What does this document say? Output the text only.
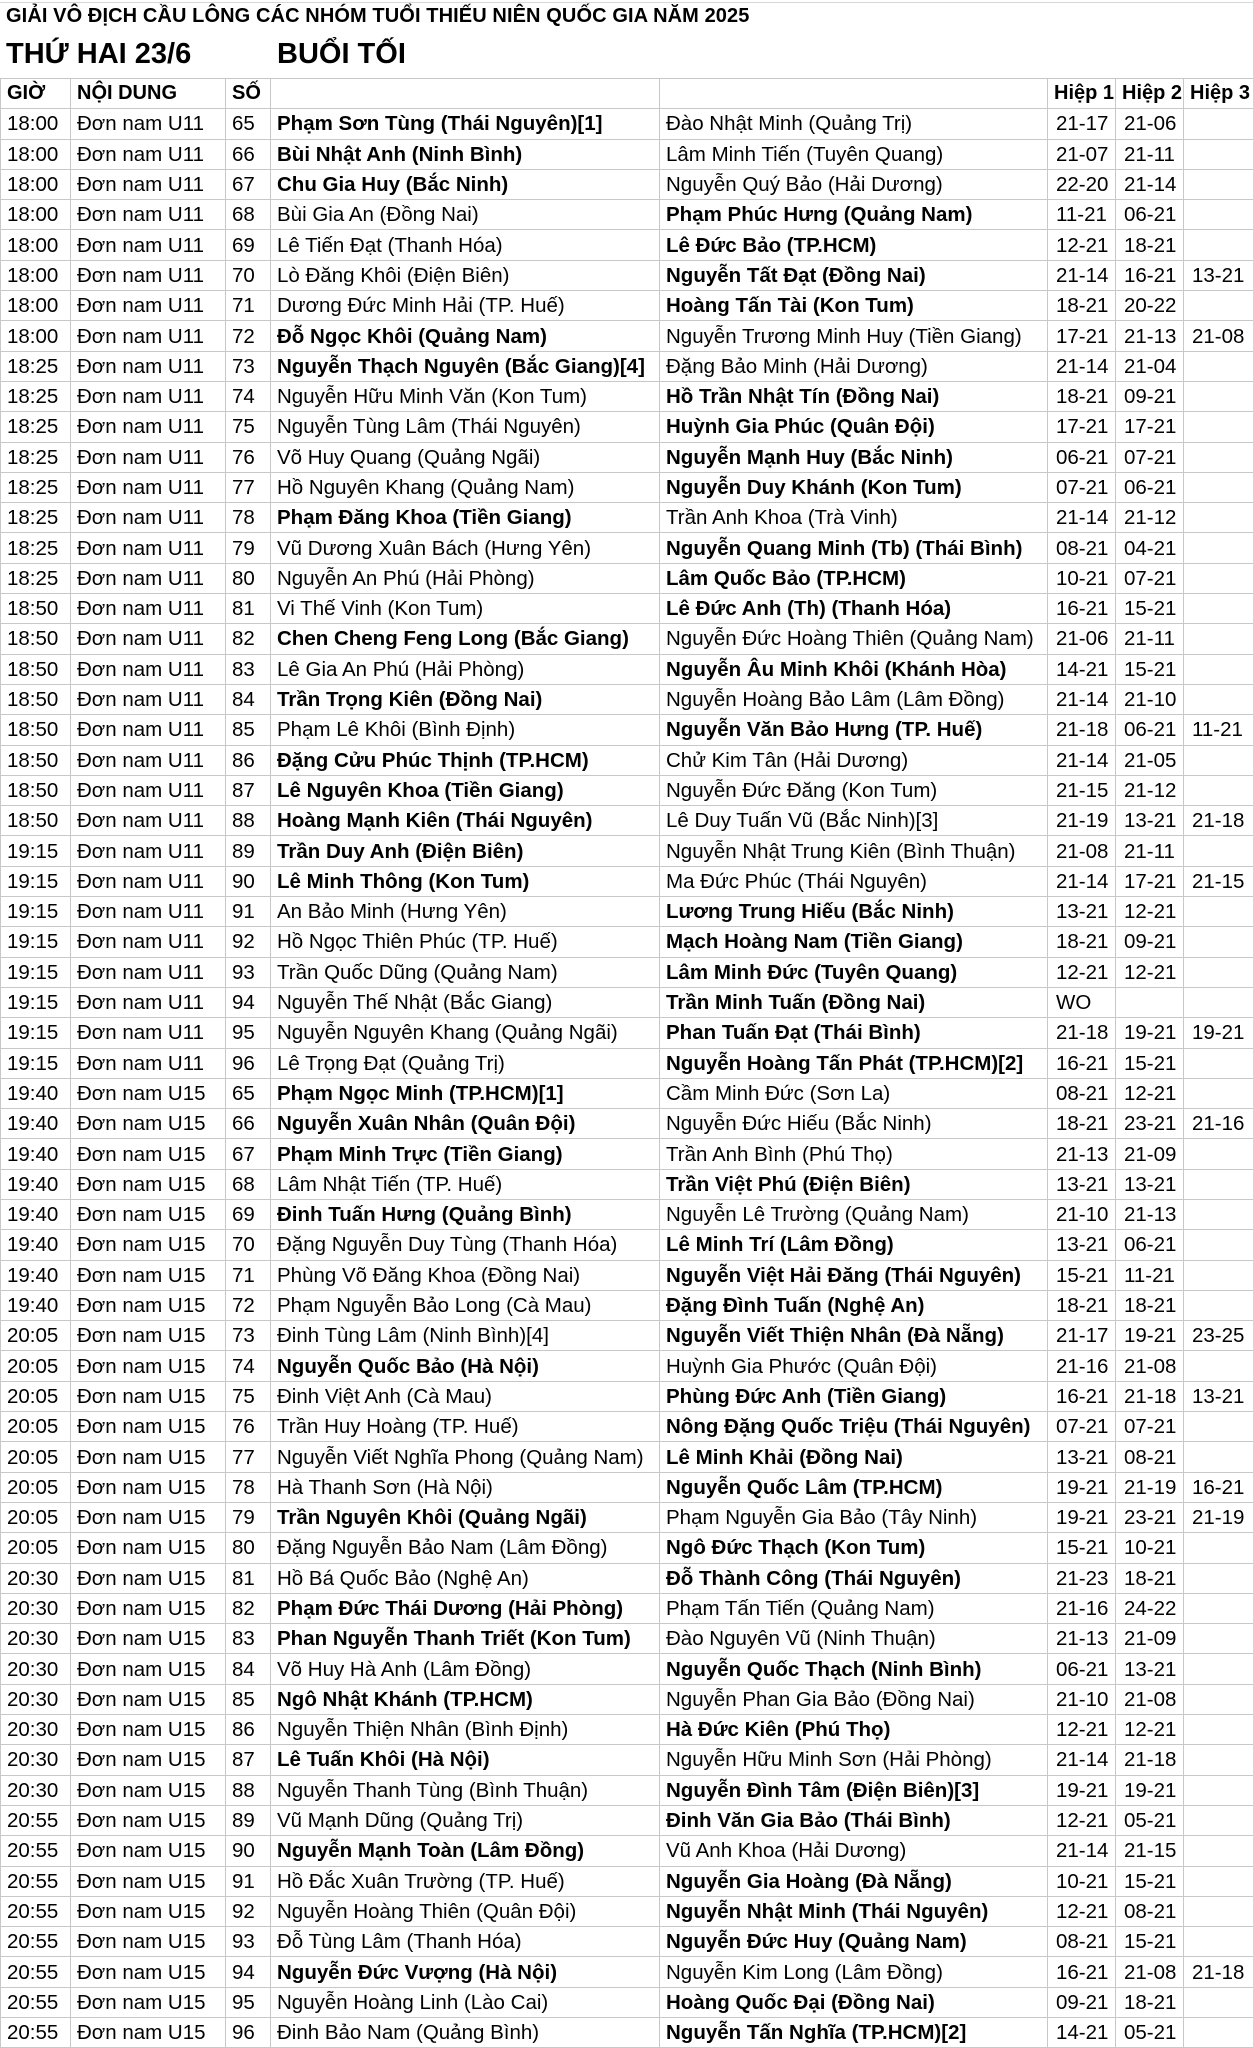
GIẢI VÔ ĐỊCH CẦU LÔNG CÁC NHÓM TUỔI THIẾU NIÊN QUỐC GIA NĂM 2025
THỨ HAI 23/6	BUỔI TỐI
GIỜ	NỘI DUNG	SỐ			Hiệp 1	Hiệp 2	Hiệp 3
18:00	Đơn nam U11	65	Phạm Sơn Tùng (Thái Nguyên)[1]	Đào Nhật Minh (Quảng Trị)	21-17	21-06	
18:00	Đơn nam U11	66	Bùi Nhật Anh (Ninh Bình)	Lâm Minh Tiến (Tuyên Quang)	21-07	21-11	
18:00	Đơn nam U11	67	Chu Gia Huy (Bắc Ninh)	Nguyễn Quý Bảo (Hải Dương)	22-20	21-14	
18:00	Đơn nam U11	68	Bùi Gia An (Đồng Nai)	Phạm Phúc Hưng (Quảng Nam)	11-21	06-21	
18:00	Đơn nam U11	69	Lê Tiến Đạt (Thanh Hóa)	Lê Đức Bảo (TP.HCM)	12-21	18-21	
18:00	Đơn nam U11	70	Lò Đăng Khôi (Điện Biên)	Nguyễn Tất Đạt (Đồng Nai)	21-14	16-21	13-21
18:00	Đơn nam U11	71	Dương Đức Minh Hải (TP. Huế)	Hoàng Tấn Tài (Kon Tum)	18-21	20-22	
18:00	Đơn nam U11	72	Đỗ Ngọc Khôi (Quảng Nam)	Nguyễn Trương Minh Huy (Tiền Giang)	17-21	21-13	21-08
18:25	Đơn nam U11	73	Nguyễn Thạch Nguyên (Bắc Giang)[4]	Đặng Bảo Minh (Hải Dương)	21-14	21-04	
18:25	Đơn nam U11	74	Nguyễn Hữu Minh Văn (Kon Tum)	Hồ Trần Nhật Tín (Đồng Nai)	18-21	09-21	
18:25	Đơn nam U11	75	Nguyễn Tùng Lâm (Thái Nguyên)	Huỳnh Gia Phúc (Quân Đội)	17-21	17-21	
18:25	Đơn nam U11	76	Võ Huy Quang (Quảng Ngãi)	Nguyễn Mạnh Huy (Bắc Ninh)	06-21	07-21	
18:25	Đơn nam U11	77	Hồ Nguyên Khang (Quảng Nam)	Nguyễn Duy Khánh (Kon Tum)	07-21	06-21	
18:25	Đơn nam U11	78	Phạm Đăng Khoa (Tiền Giang)	Trần Anh Khoa (Trà Vinh)	21-14	21-12	
18:25	Đơn nam U11	79	Vũ Dương Xuân Bách (Hưng Yên)	Nguyễn Quang Minh (Tb) (Thái Bình)	08-21	04-21	
18:25	Đơn nam U11	80	Nguyễn An Phú (Hải Phòng)	Lâm Quốc Bảo (TP.HCM)	10-21	07-21	
18:50	Đơn nam U11	81	Vi Thế Vinh (Kon Tum)	Lê Đức Anh (Th) (Thanh Hóa)	16-21	15-21	
18:50	Đơn nam U11	82	Chen Cheng Feng Long (Bắc Giang)	Nguyễn Đức Hoàng Thiên (Quảng Nam)	21-06	21-11	
18:50	Đơn nam U11	83	Lê Gia An Phú (Hải Phòng)	Nguyễn Âu Minh Khôi (Khánh Hòa)	14-21	15-21	
18:50	Đơn nam U11	84	Trần Trọng Kiên (Đồng Nai)	Nguyễn Hoàng Bảo Lâm (Lâm Đồng)	21-14	21-10	
18:50	Đơn nam U11	85	Phạm Lê Khôi (Bình Định)	Nguyễn Văn Bảo Hưng (TP. Huế)	21-18	06-21	11-21
18:50	Đơn nam U11	86	Đặng Cửu Phúc Thịnh (TP.HCM)	Chử Kim Tân (Hải Dương)	21-14	21-05	
18:50	Đơn nam U11	87	Lê Nguyên Khoa (Tiền Giang)	Nguyễn Đức Đăng (Kon Tum)	21-15	21-12	
18:50	Đơn nam U11	88	Hoàng Mạnh Kiên (Thái Nguyên)	Lê Duy Tuấn Vũ (Bắc Ninh)[3]	21-19	13-21	21-18
19:15	Đơn nam U11	89	Trần Duy Anh (Điện Biên)	Nguyễn Nhật Trung Kiên (Bình Thuận)	21-08	21-11	
19:15	Đơn nam U11	90	Lê Minh Thông (Kon Tum)	Ma Đức Phúc (Thái Nguyên)	21-14	17-21	21-15
19:15	Đơn nam U11	91	An Bảo Minh (Hưng Yên)	Lương Trung Hiếu (Bắc Ninh)	13-21	12-21	
19:15	Đơn nam U11	92	Hồ Ngọc Thiên Phúc (TP. Huế)	Mạch Hoàng Nam (Tiền Giang)	18-21	09-21	
19:15	Đơn nam U11	93	Trần Quốc Dũng (Quảng Nam)	Lâm Minh Đức (Tuyên Quang)	12-21	12-21	
19:15	Đơn nam U11	94	Nguyễn Thế Nhật (Bắc Giang)	Trần Minh Tuấn (Đồng Nai)	WO		
19:15	Đơn nam U11	95	Nguyễn Nguyên Khang (Quảng Ngãi)	Phan Tuấn Đạt (Thái Bình)	21-18	19-21	19-21
19:15	Đơn nam U11	96	Lê Trọng Đạt (Quảng Trị)	Nguyễn Hoàng Tấn Phát (TP.HCM)[2]	16-21	15-21	
19:40	Đơn nam U15	65	Phạm Ngọc Minh (TP.HCM)[1]	Cầm Minh Đức (Sơn La)	08-21	12-21	
19:40	Đơn nam U15	66	Nguyễn Xuân Nhân (Quân Đội)	Nguyễn Đức Hiếu (Bắc Ninh)	18-21	23-21	21-16
19:40	Đơn nam U15	67	Phạm Minh Trực (Tiền Giang)	Trần Anh Bình (Phú Thọ)	21-13	21-09	
19:40	Đơn nam U15	68	Lâm Nhật Tiến (TP. Huế)	Trần Việt Phú (Điện Biên)	13-21	13-21	
19:40	Đơn nam U15	69	Đinh Tuấn Hưng (Quảng Bình)	Nguyễn Lê Trường (Quảng Nam)	21-10	21-13	
19:40	Đơn nam U15	70	Đặng Nguyễn Duy Tùng (Thanh Hóa)	Lê Minh Trí (Lâm Đồng)	13-21	06-21	
19:40	Đơn nam U15	71	Phùng Võ Đăng Khoa (Đồng Nai)	Nguyễn Việt Hải Đăng (Thái Nguyên)	15-21	11-21	
19:40	Đơn nam U15	72	Phạm Nguyễn Bảo Long (Cà Mau)	Đặng Đình Tuấn (Nghệ An)	18-21	18-21	
20:05	Đơn nam U15	73	Đinh Tùng Lâm (Ninh Bình)[4]	Nguyễn Viết Thiện Nhân (Đà Nẵng)	21-17	19-21	23-25
20:05	Đơn nam U15	74	Nguyễn Quốc Bảo (Hà Nội)	Huỳnh Gia Phước (Quân Đội)	21-16	21-08	
20:05	Đơn nam U15	75	Đinh Việt Anh (Cà Mau)	Phùng Đức Anh (Tiền Giang)	16-21	21-18	13-21
20:05	Đơn nam U15	76	Trần Huy Hoàng (TP. Huế)	Nông Đặng Quốc Triệu (Thái Nguyên)	07-21	07-21	
20:05	Đơn nam U15	77	Nguyễn Viết Nghĩa Phong (Quảng Nam)	Lê Minh Khải (Đồng Nai)	13-21	08-21	
20:05	Đơn nam U15	78	Hà Thanh Sơn (Hà Nội)	Nguyễn Quốc Lâm (TP.HCM)	19-21	21-19	16-21
20:05	Đơn nam U15	79	Trần Nguyên Khôi (Quảng Ngãi)	Phạm Nguyễn Gia Bảo (Tây Ninh)	19-21	23-21	21-19
20:05	Đơn nam U15	80	Đặng Nguyễn Bảo Nam (Lâm Đồng)	Ngô Đức Thạch (Kon Tum)	15-21	10-21	
20:30	Đơn nam U15	81	Hồ Bá Quốc Bảo (Nghệ An)	Đỗ Thành Công (Thái Nguyên)	21-23	18-21	
20:30	Đơn nam U15	82	Phạm Đức Thái Dương (Hải Phòng)	Phạm Tấn Tiến (Quảng Nam)	21-16	24-22	
20:30	Đơn nam U15	83	Phan Nguyễn Thanh Triết (Kon Tum)	Đào Nguyên Vũ (Ninh Thuận)	21-13	21-09	
20:30	Đơn nam U15	84	Võ Huy Hà Anh (Lâm Đồng)	Nguyễn Quốc Thạch (Ninh Bình)	06-21	13-21	
20:30	Đơn nam U15	85	Ngô Nhật Khánh (TP.HCM)	Nguyễn Phan Gia Bảo (Đồng Nai)	21-10	21-08	
20:30	Đơn nam U15	86	Nguyễn Thiện Nhân (Bình Định)	Hà Đức Kiên (Phú Thọ)	12-21	12-21	
20:30	Đơn nam U15	87	Lê Tuấn Khôi (Hà Nội)	Nguyễn Hữu Minh Sơn (Hải Phòng)	21-14	21-18	
20:30	Đơn nam U15	88	Nguyễn Thanh Tùng (Bình Thuận)	Nguyễn Đình Tâm (Điện Biên)[3]	19-21	19-21	
20:55	Đơn nam U15	89	Vũ Mạnh Dũng (Quảng Trị)	Đinh Văn Gia Bảo (Thái Bình)	12-21	05-21	
20:55	Đơn nam U15	90	Nguyễn Mạnh Toàn (Lâm Đồng)	Vũ Anh Khoa (Hải Dương)	21-14	21-15	
20:55	Đơn nam U15	91	Hồ Đắc Xuân Trường (TP. Huế)	Nguyễn Gia Hoàng (Đà Nẵng)	10-21	15-21	
20:55	Đơn nam U15	92	Nguyễn Hoàng Thiên (Quân Đội)	Nguyễn Nhật Minh (Thái Nguyên)	12-21	08-21	
20:55	Đơn nam U15	93	Đỗ Tùng Lâm (Thanh Hóa)	Nguyễn Đức Huy (Quảng Nam)	08-21	15-21	
20:55	Đơn nam U15	94	Nguyễn Đức Vượng (Hà Nội)	Nguyễn Kim Long (Lâm Đồng)	16-21	21-08	21-18
20:55	Đơn nam U15	95	Nguyễn Hoàng Linh (Lào Cai)	Hoàng Quốc Đại (Đồng Nai)	09-21	18-21	
20:55	Đơn nam U15	96	Đinh Bảo Nam (Quảng Bình)	Nguyễn Tấn Nghĩa (TP.HCM)[2]	14-21	05-21	
